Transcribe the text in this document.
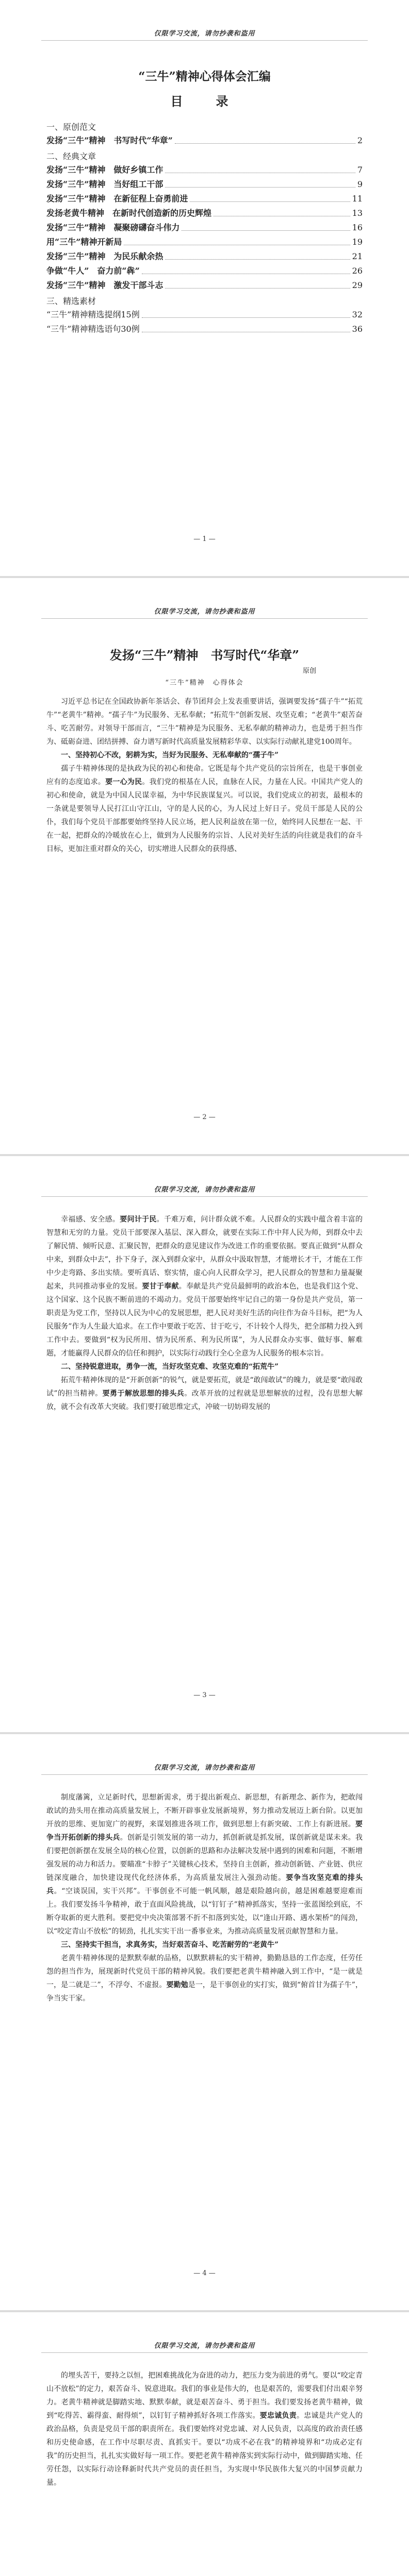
仅限学习交流，请勿抄袭和盗用
“三牛”精神心得体会汇编
目　录
一、原创范文
发扬“三牛”精神　书写时代“华章”	2
二、经典文章
发扬“三牛”精神　做好乡镇工作	7
发扬“三牛”精神　当好组工干部	9
发扬“三牛”精神　在新征程上奋勇前进	11
发扬老黄牛精神　在新时代创造新的历史辉煌	13
发扬“三牛”精神　凝聚磅礴奋斗伟力	16
用“三牛”精神开新局	19
发扬“三牛”精神　为民乐献余热	21
争做“牛人”　奋力前“犇”	26
发扬“三牛”精神　激发干部斗志	29
三、精选素材
“三牛”精神精选提纲15例	32
“三牛”精神精选语句30例	36
— 1 —
仅限学习交流，请勿抄袭和盗用
发扬“三牛”精神　书写时代“华章”
原创
“三牛”精神　心得体会

习近平总书记在全国政协新年茶话会、春节团拜会上发表重要讲话，强调要发扬“孺子牛”“拓荒牛”“老黄牛”精神。“孺子牛”为民服务、无私奉献；“拓荒牛”创新发展、攻坚克难；“老黄牛”艰苦奋斗、吃苦耐劳。对领导干部而言，“三牛”精神是为民服务、无私奉献的精神动力，也是勇于担当作为、砥砺奋进、团结拼搏、奋力谱写新时代高质量发展精彩华章、以实际行动献礼建党100周年。

一、坚持初心不改，躬耕为实，当好为民服务、无私奉献的“孺子牛”

孺子牛精神体现的是执政为民的初心和使命。它既是每个共产党员的宗旨所在，也是干事创业应有的态度追求。要一心为民。我们党的根基在人民，血脉在人民，力量在人民。中国共产党人的初心和使命，就是为中国人民谋幸福，为中华民族谋复兴。可以说，我们党成立的初衷，最根本的一条就是要领导人民打江山守江山，守的是人民的心，为人民过上好日子。党员干部是人民的公仆，我们每个党员干部都要始终坚持人民立场，把人民利益放在第一位，始终同人民想在一起、干在一起，把群众的冷暖放在心上，做到为人民服务的宗旨、人民对美好生活的向往就是我们的奋斗目标，更加注重对群众的关心，切实增进人民群众的获得感、

— 2 —
仅限学习交流，请勿抄袭和盗用

幸福感、安全感。要问计于民。千难万难，问计群众就不难。人民群众的实践中蕴含着丰富的智慧和无穷的力量。党员干部要深入基层、深入群众，就要在实际工作中拜人民为师，到群众中去了解民情、倾听民意、汇聚民智，把群众的意见建议作为改进工作的重要依据。要真正做到“从群众中来，到群众中去”，扑下身子，深入到群众家中，从群众中汲取智慧，才能增长才干，才能在工作中少走弯路、多出实绩。要听真话、察实情，虚心向人民群众学习，把人民群众的智慧和力量凝聚起来，共同推动事业的发展。要甘于奉献。奉献是共产党员最鲜明的政治本色，也是我们这个党、这个国家、这个民族不断前进的不竭动力。党员干部要始终牢记自己的第一身份是共产党员，第一职责是为党工作，坚持以人民为中心的发展思想，把人民对美好生活的向往作为奋斗目标，把“为人民服务”作为人生最大追求。在工作中要敢于吃苦、甘于吃亏，不计较个人得失，把全部精力投入到工作中去。要做到“权为民所用、情为民所系、利为民所谋”，为人民群众办实事、做好事、解难题，才能赢得人民群众的信任和拥护，以实际行动践行全心全意为人民服务的根本宗旨。

二、坚持锐意进取，勇争一流，当好攻坚克难、攻坚克难的“拓荒牛”

拓荒牛精神体现的是“开新创新”的锐气，就是要拓荒，就是“敢闯敢试”的魄力，就是要“敢闯敢试”的担当精神。要勇于解放思想的排头兵。改革开放的过程就是思想解放的过程，没有思想大解放，就不会有改革大突破。我们要打破思维定式，冲破一切妨碍发展的

— 3 —
仅限学习交流，请勿抄袭和盗用

制度藩篱，立足新时代，思想新需求，勇于提出新观点、新思想，有新理念、新作为，把敢闯敢试的劲头用在推动高质量发展上，不断开辟事业发展新境界，努力推动发展迈上新台阶。以更加开放的思维、更加宽广的视野，来谋划推进各项工作，做到思想上有新突破、工作上有新进展。要争当开拓创新的排头兵。创新是引领发展的第一动力，抓创新就是抓发展，谋创新就是谋未来。我们要把创新摆在发展全局的核心位置，以创新的思路和办法解决发展中遇到的困难和问题，不断增强发展的动力和活力。要瞄准“卡脖子”关键核心技术，坚持自主创新，推动创新链、产业链、供应链深度融合，加快建设现代化经济体系，为高质量发展注入强劲动能。要争当攻坚克难的排头兵。“空谈误国，实干兴邦”。干事创业不可能一帆风顺，越是艰险越向前，越是困难越要迎难而上。我们要发扬斗争精神，敢于直面风险挑战，以“钉钉子”精神抓落实，坚持一张蓝图绘到底，不断夺取新的更大胜利。要把党中央决策部署不折不扣落到实处，以“逢山开路、遇水架桥”的闯劲，以“咬定青山不放松”的韧劲，扎扎实实干出一番事业来，为推动高质量发展贡献智慧和力量。

三、坚持实干担当，求真务实，当好艰苦奋斗、吃苦耐劳的“老黄牛”

老黄牛精神体现的是默默奉献的品格，以默默耕耘的实干精神，勤勤恳恳的工作态度，任劳任怨的担当作为，展现新时代党员干部的精神风貌。我们要把老黄牛精神融入到工作中，“是一就是一，是二就是二”，不浮夸、不虚报。要勤勉是一，是干事创业的实打实，做到“俯首甘为孺子牛”，争当实干家。

— 4 —
仅限学习交流，请勿抄袭和盗用

的埋头苦干，要持之以恒，把困难挑战化为奋进的动力，把压力变为前进的勇气。要以“咬定青山不放松”的定力，艰苦奋斗、锐意进取。我们的事业是伟大的，也是艰苦的，需要我们付出艰辛努力。老黄牛精神就是脚踏实地、默默奉献，就是艰苦奋斗、勇于担当。我们要发扬老黄牛精神，做到“吃得苦、霸得蛮、耐得烦”，以钉钉子精神抓好各项工作落实。要忠诚负责。忠诚是共产党人的政治品格，负责是党员干部的职责所在。我们要始终对党忠诚、对人民负责，以高度的政治责任感和历史使命感，在工作中尽职尽责、真抓实干。要以“功成不必在我”的精神境界和“功成必定有我”的历史担当，扎扎实实做好每一项工作。要把老黄牛精神落实到实际行动中，做到脚踏实地、任劳任怨，以实际行动诠释新时代共产党员的责任担当，为实现中华民族伟大复兴的中国梦贡献力量。
